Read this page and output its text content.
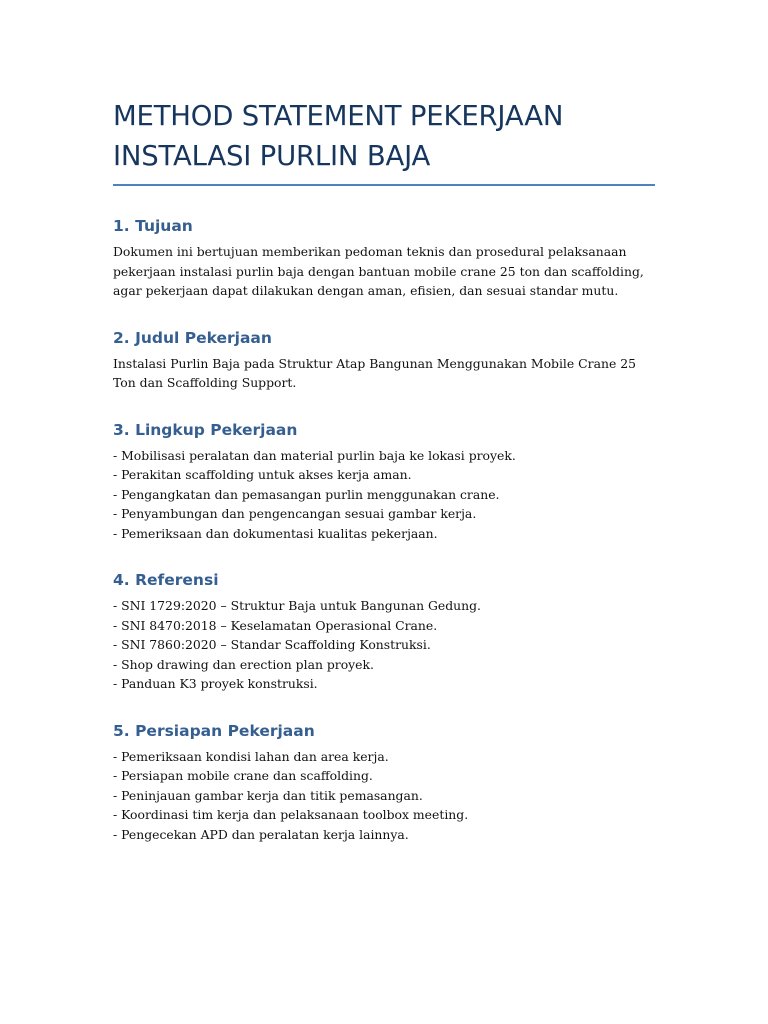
METHOD STATEMENT PEKERJAAN
INSTALASI PURLIN BAJA
1. Tujuan

Dokumen ini bertujuan memberikan pedoman teknis dan prosedural pelaksanaan pekerjaan instalasi purlin baja dengan bantuan mobile crane 25 ton dan scaffolding, agar pekerjaan dapat dilakukan dengan aman, efisien, dan sesuai standar mutu.

2. Judul Pekerjaan

Instalasi Purlin Baja pada Struktur Atap Bangunan Menggunakan Mobile Crane 25 Ton dan Scaffolding Support.

3. Lingkup Pekerjaan
- Mobilisasi peralatan dan material purlin baja ke lokasi proyek.
- Perakitan scaffolding untuk akses kerja aman.
- Pengangkatan dan pemasangan purlin menggunakan crane.
- Penyambungan dan pengencangan sesuai gambar kerja.
- Pemeriksaan dan dokumentasi kualitas pekerjaan.
4. Referensi
- SNI 1729:2020 – Struktur Baja untuk Bangunan Gedung.
- SNI 8470:2018 – Keselamatan Operasional Crane.
- SNI 7860:2020 – Standar Scaffolding Konstruksi.
- Shop drawing dan erection plan proyek.
- Panduan K3 proyek konstruksi.
5. Persiapan Pekerjaan
- Pemeriksaan kondisi lahan dan area kerja.
- Persiapan mobile crane dan scaffolding.
- Peninjauan gambar kerja dan titik pemasangan.
- Koordinasi tim kerja dan pelaksanaan toolbox meeting.
- Pengecekan APD dan peralatan kerja lainnya.
